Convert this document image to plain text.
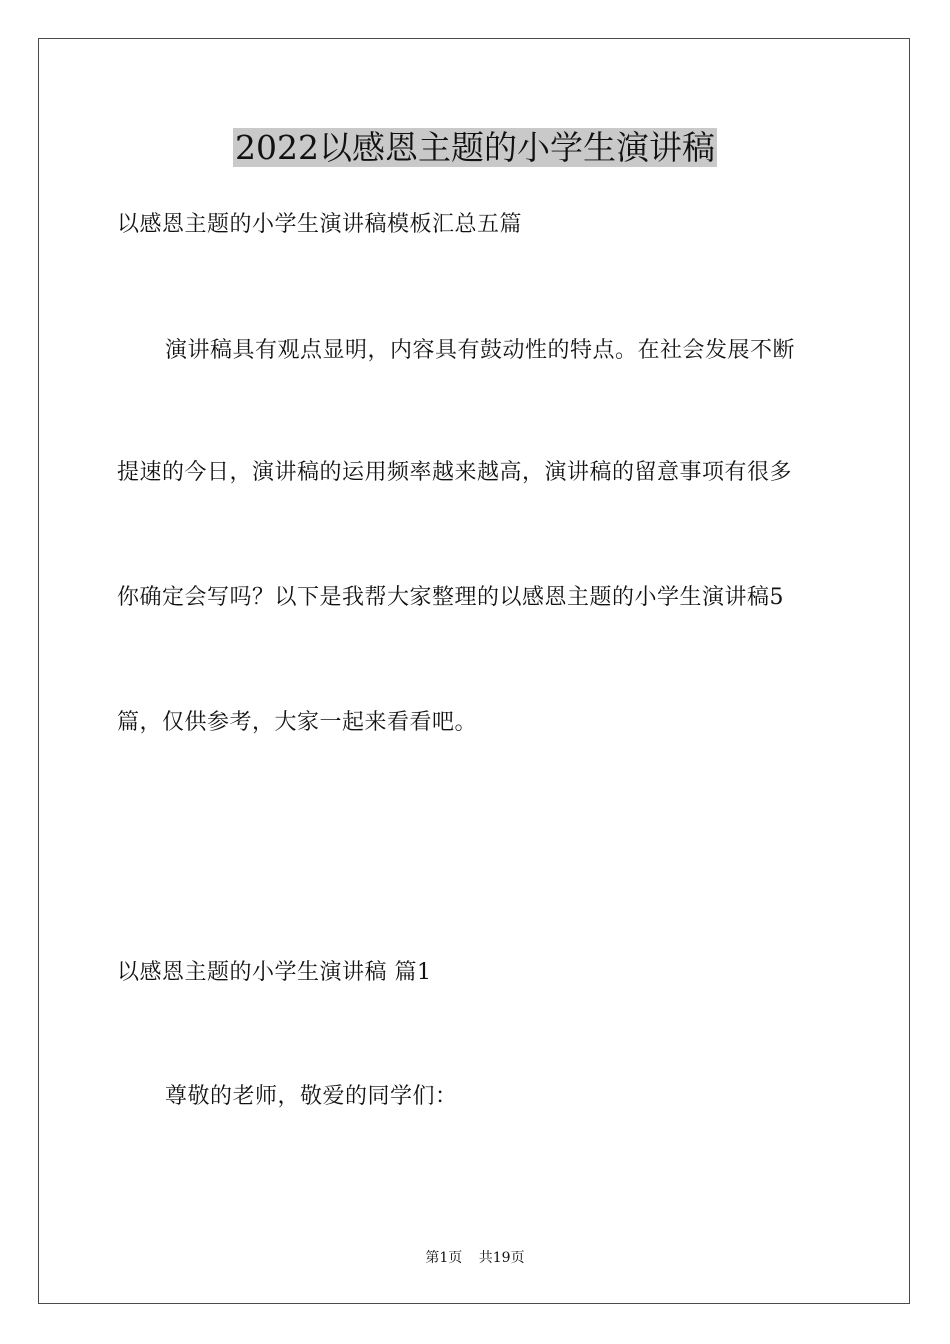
2022以感恩主题的小学生演讲稿
以感恩主题的小学生演讲稿模板汇总五篇
演讲稿具有观点显明，内容具有鼓动性的特点。在社会发展不断
提速的今日，演讲稿的运用频率越来越高，演讲稿的留意事项有很多
你确定会写吗？以下是我帮大家整理的以感恩主题的小学生演讲稿5
篇，仅供参考，大家一起来看看吧。
以感恩主题的小学生演讲稿 篇1
尊敬的老师，敬爱的同学们：
第1页 共19页
